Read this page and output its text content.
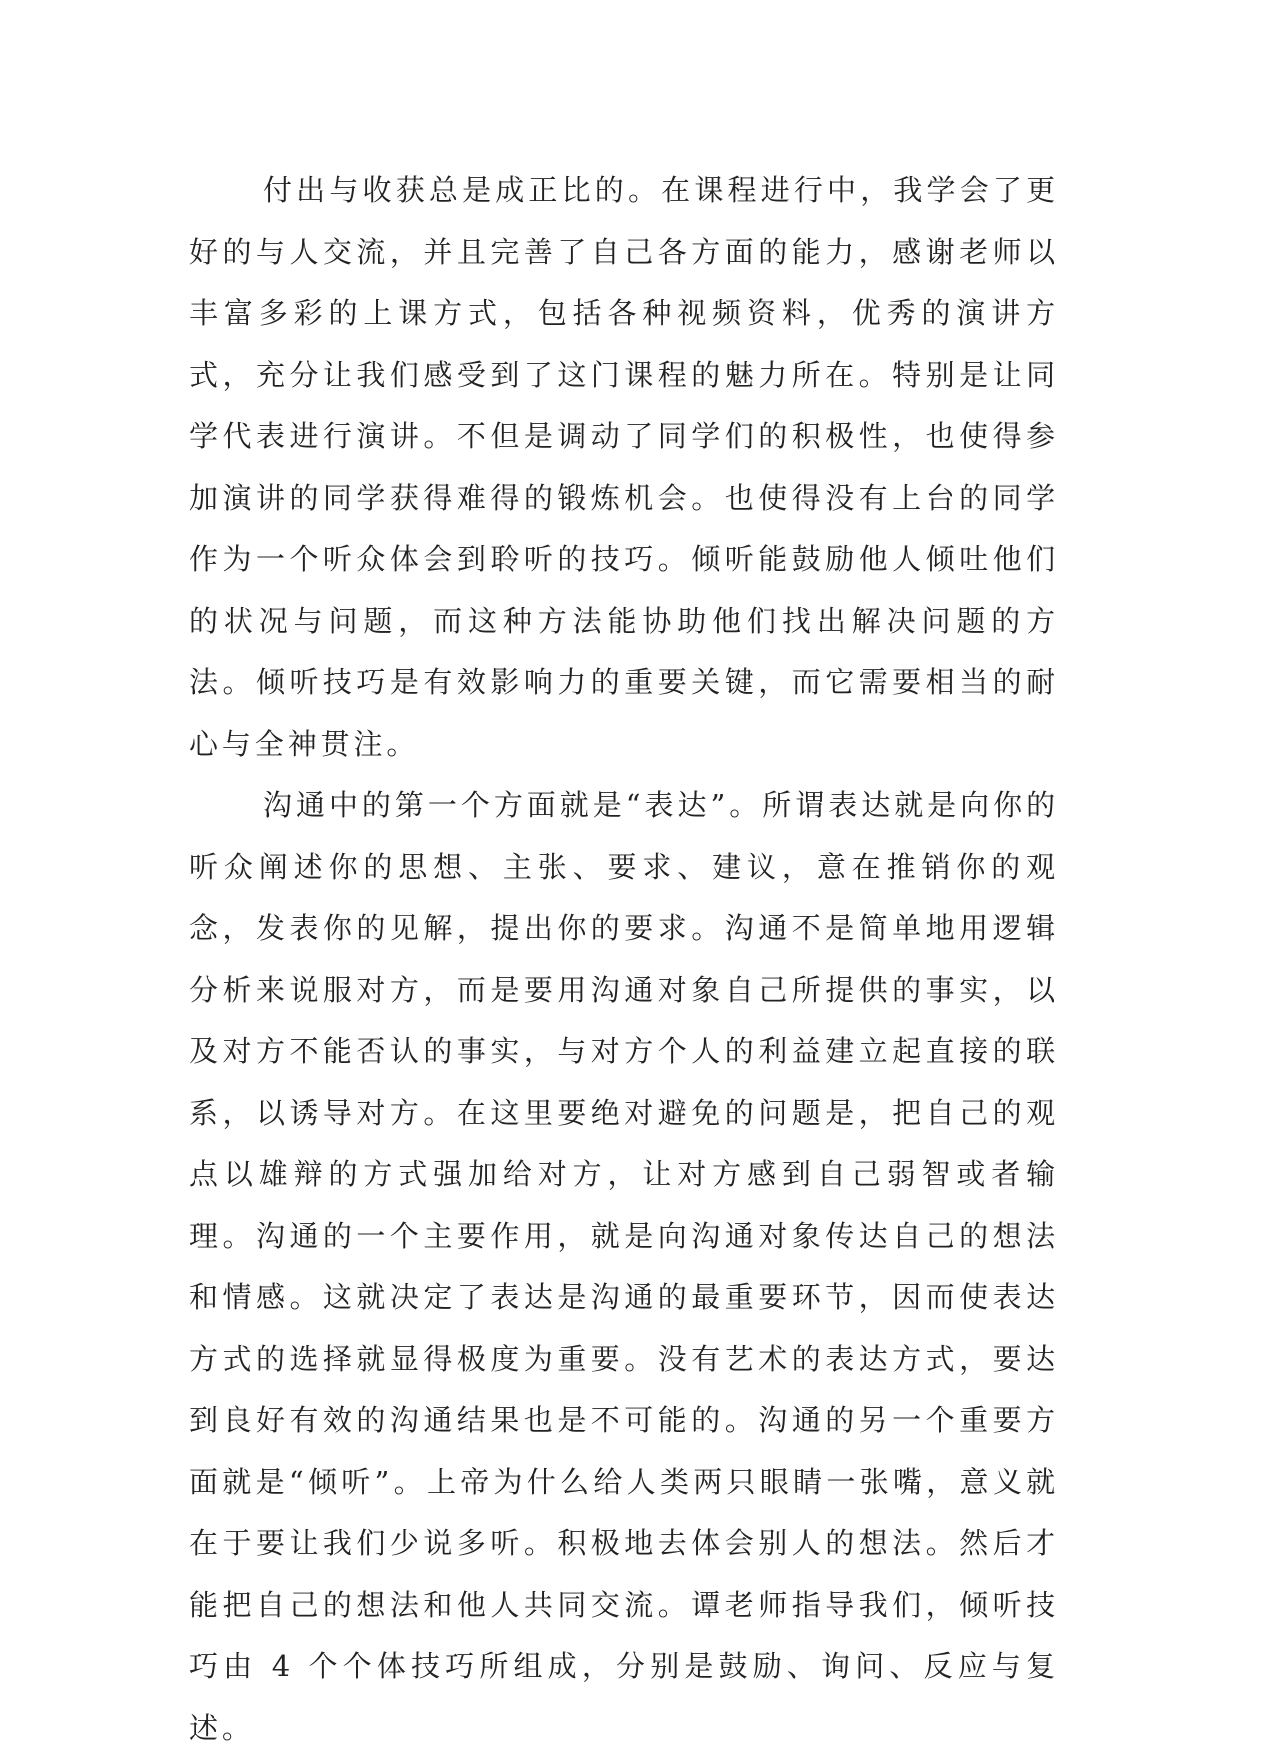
付出与收获总是成正比的。在课程进行中，我学会了更好的与人交流，并且完善了自己各方面的能力，感谢老师以丰富多彩的上课方式，包括各种视频资料，优秀的演讲方式，充分让我们感受到了这门课程的魅力所在。特别是让同学代表进行演讲。不但是调动了同学们的积极性，也使得参加演讲的同学获得难得的锻炼机会。也使得没有上台的同学作为一个听众体会到聆听的技巧。倾听能鼓励他人倾吐他们的状况与问题，而这种方法能协助他们找出解决问题的方法。倾听技巧是有效影响力的重要关键，而它需要相当的耐心与全神贯注。

沟通中的第一个方面就是“表达”。所谓表达就是向你的听众阐述你的思想、主张、要求、建议，意在推销你的观念，发表你的见解，提出你的要求。沟通不是简单地用逻辑分析来说服对方，而是要用沟通对象自己所提供的事实，以及对方不能否认的事实，与对方个人的利益建立起直接的联系，以诱导对方。在这里要绝对避免的问题是，把自己的观点以雄辩的方式强加给对方，让对方感到自己弱智或者输理。沟通的一个主要作用，就是向沟通对象传达自己的想法和情感。这就决定了表达是沟通的最重要环节，因而使表达方式的选择就显得极度为重要。没有艺术的表达方式，要达到良好有效的沟通结果也是不可能的。沟通的另一个重要方面就是“倾听”。上帝为什么给人类两只眼睛一张嘴，意义就在于要让我们少说多听。积极地去体会别人的想法。然后才能把自己的想法和他人共同交流。谭老师指导我们，倾听技巧由 4 个个体技巧所组成，分别是鼓励、询问、反应与复述。
